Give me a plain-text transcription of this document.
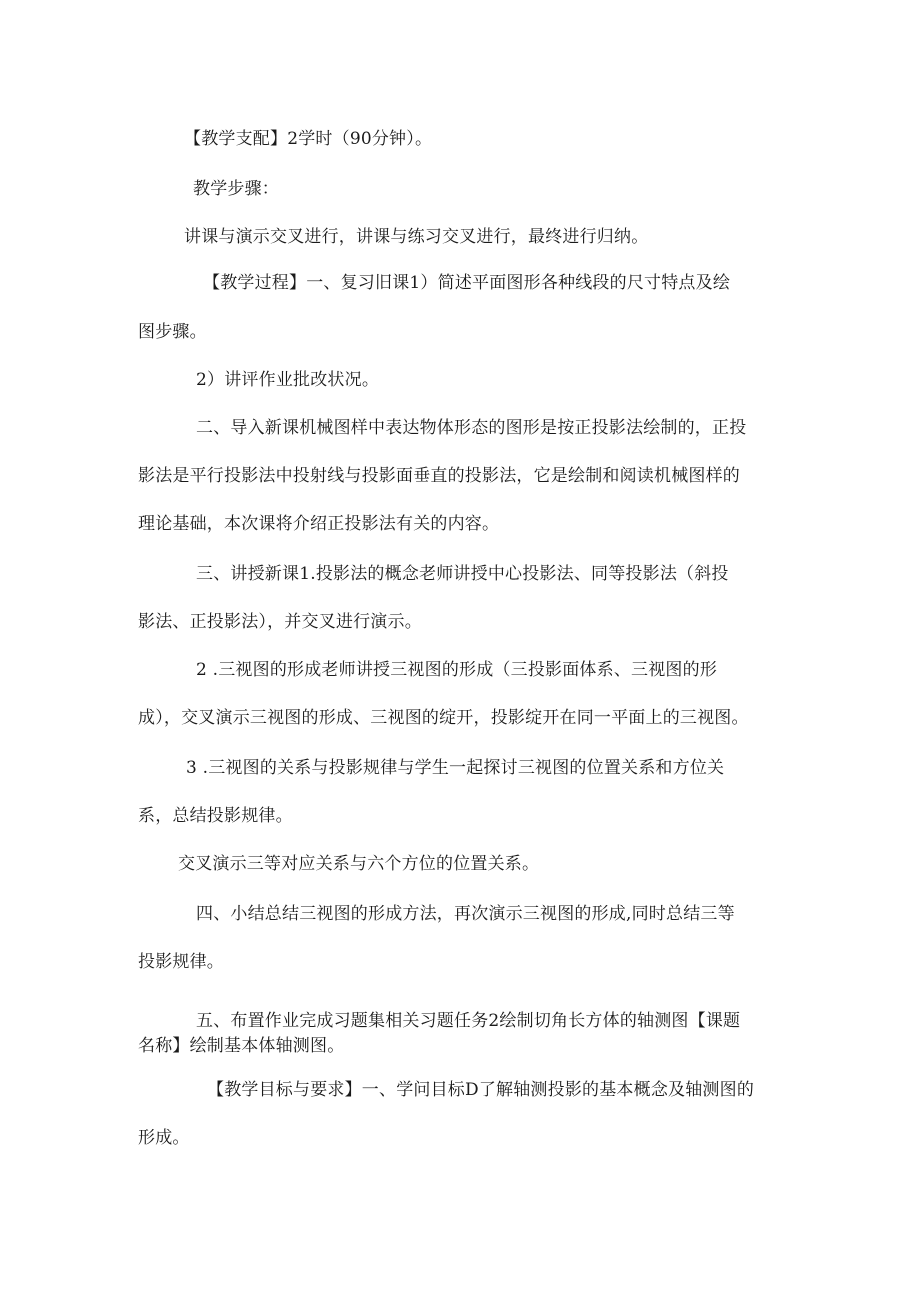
【教学支配】2学时（90分钟）。
教学步骤：
讲课与演示交叉进行，讲课与练习交叉进行，最终进行归纳。
【教学过程】一、复习旧课1）简述平面图形各种线段的尺寸特点及绘
图步骤。
2）讲评作业批改状况。
二、导入新课机械图样中表达物体形态的图形是按正投影法绘制的，正投
影法是平行投影法中投射线与投影面垂直的投影法，它是绘制和阅读机械图样的
理论基础，本次课将介绍正投影法有关的内容。
三、讲授新课1.投影法的概念老师讲授中心投影法、同等投影法（斜投
影法、正投影法），并交叉进行演示。
2 .三视图的形成老师讲授三视图的形成（三投影面体系、三视图的形
成），交叉演示三视图的形成、三视图的绽开，投影绽开在同一平面上的三视图。
3 .三视图的关系与投影规律与学生一起探讨三视图的位置关系和方位关
系，总结投影规律。
交叉演示三等对应关系与六个方位的位置关系。
四、小结总结三视图的形成方法，再次演示三视图的形成,同时总结三等
投影规律。
五、布置作业完成习题集相关习题任务2绘制切角长方体的轴测图【课题
名称】绘制基本体轴测图。
【教学目标与要求】一、学问目标D了解轴测投影的基本概念及轴测图的
形成。
